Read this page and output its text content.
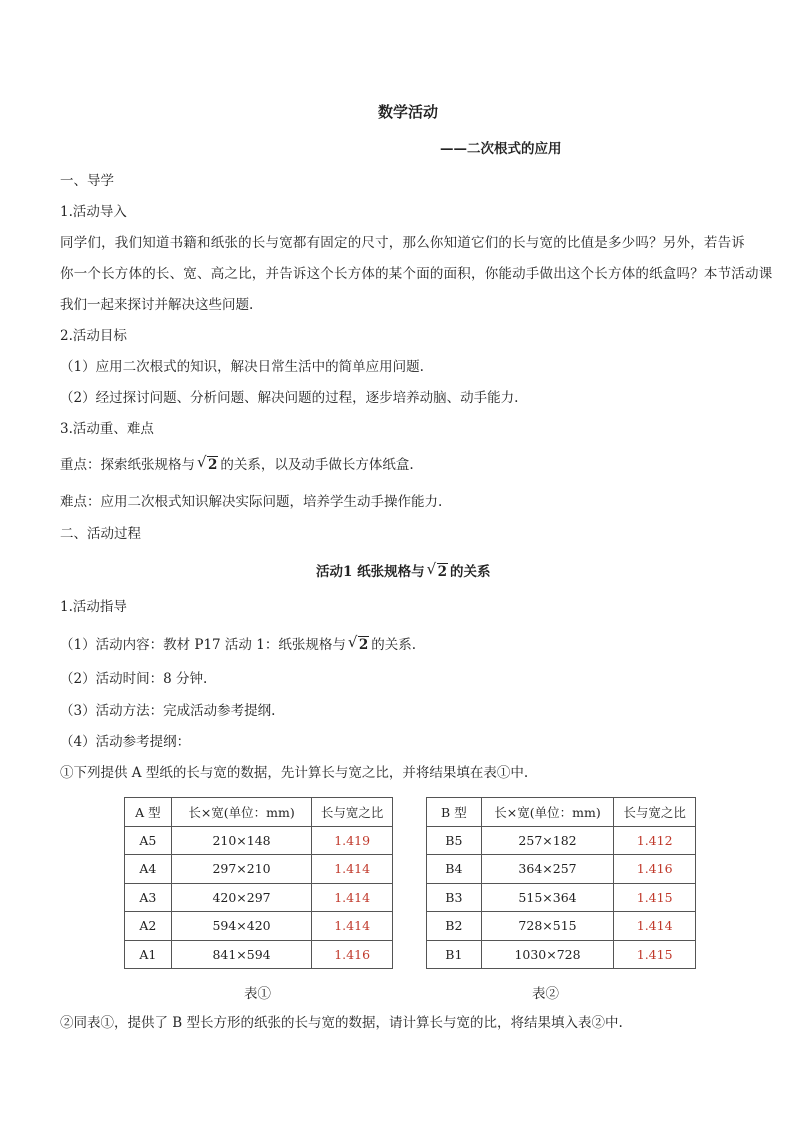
数学活动
——二次根式的应用
一、导学
1.活动导入
同学们，我们知道书籍和纸张的长与宽都有固定的尺寸，那么你知道它们的长与宽的比值是多少吗？另外，若告诉
你一个长方体的长、宽、高之比，并告诉这个长方体的某个面的面积，你能动手做出这个长方体的纸盒吗？本节活动课
我们一起来探讨并解决这些问题.
2.活动目标
（1）应用二次根式的知识，解决日常生活中的简单应用问题.
（2）经过探讨问题、分析问题、解决问题的过程，逐步培养动脑、动手能力.
3.活动重、难点
重点：探索纸张规格与 √ 2 的关系，以及动手做长方体纸盒.
难点：应用二次根式知识解决实际问题，培养学生动手操作能力.
二、活动过程
活动1 纸张规格与 √ 2 的关系
1.活动指导
（1）活动内容：教材 P17 活动 1：纸张规格与 √ 2 的关系.
（2）活动时间：8 分钟.
（3）活动方法：完成活动参考提纲.
（4）活动参考提纲：
①下列提供 A 型纸的长与宽的数据，先计算长与宽之比，并将结果填在表①中.
A 型	长×宽(单位：mm)	长与宽之比
A5	210×148	1.419
A4	297×210	1.414
A3	420×297	1.414
A2	594×420	1.414
A1	841×594	1.416
B 型	长×宽(单位：mm)	长与宽之比
B5	257×182	1.412
B4	364×257	1.416
B3	515×364	1.415
B2	728×515	1.414
B1	1030×728	1.415
表①	表②
②同表①，提供了 B 型长方形的纸张的长与宽的数据，请计算长与宽的比，将结果填入表②中.
